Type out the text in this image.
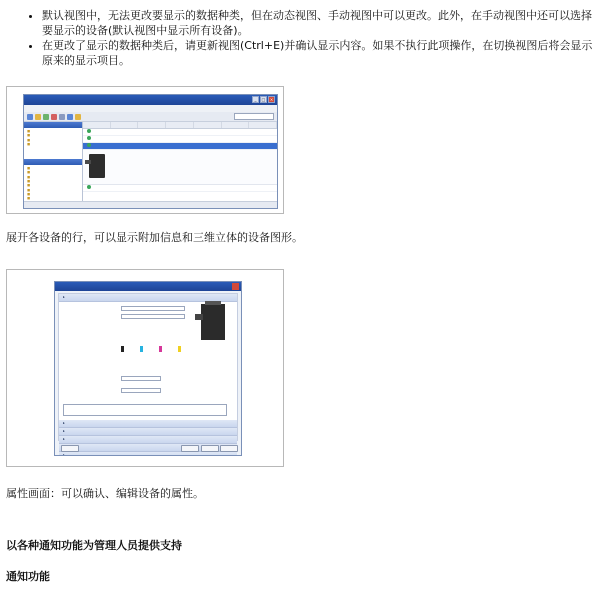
• 默认视图中，无法更改要显示的数据种类，但在动态视图、手动视图中可以更改。此外，在手动视图中还可以选择要显示的设备(默认视图中显示所有设备)。
• 在更改了显示的数据种类后，请更新视图(Ctrl+E)并确认显示内容。如果不执行此项操作，在切换视图后将会显示原来的显示项目。

_	□	×
■
■
■
■
■
■
■
■
■
■
■
■
■
展开各设备的行，可以显示附加信息和三维立体的设备图形。
▸
▸
▸
▸
▸
▸
属性画面：可以确认、编辑设备的属性。
以各种通知功能为管理人员提供支持
通知功能
